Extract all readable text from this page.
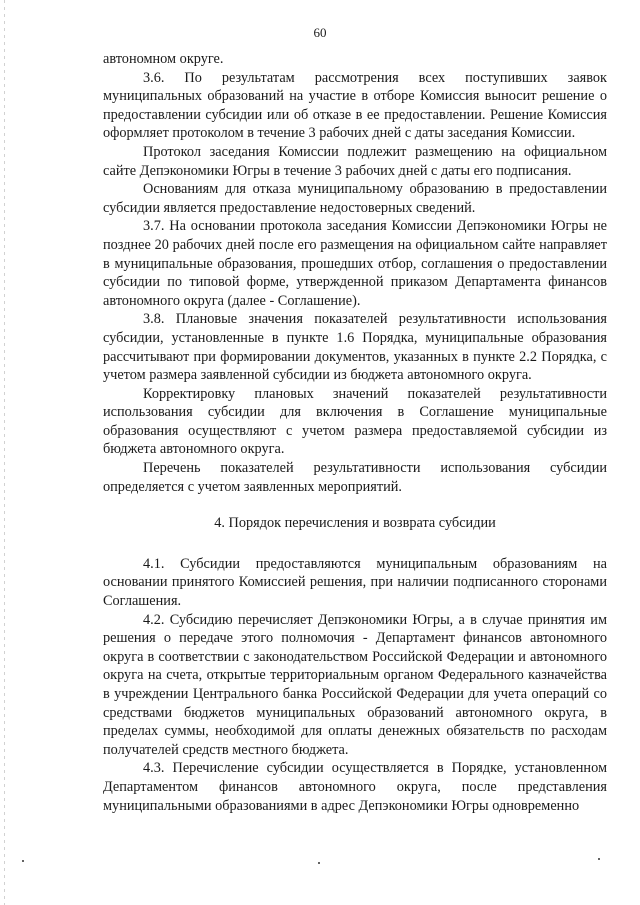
60

автономном округе.

3.6. По результатам рассмотрения всех поступивших заявок муниципальных образований на участие в отборе Комиссия выносит решение о предоставлении субсидии или об отказе в ее предоставлении. Решение Комиссия оформляет протоколом в течение 3 рабочих дней с даты заседания Комиссии.

Протокол заседания Комиссии подлежит размещению на официальном сайте Депэкономики Югры в течение 3 рабочих дней с даты его подписания.

Основаниям для отказа муниципальному образованию в предоставлении субсидии является предоставление недостоверных сведений.

3.7. На основании протокола заседания Комиссии Депэкономики Югры не позднее 20 рабочих дней после его размещения на официальном сайте направляет в муниципальные образования, прошедших отбор, соглашения о предоставлении субсидии по типовой форме, утвержденной приказом Департамента финансов автономного округа (далее - Соглашение).

3.8. Плановые значения показателей результативности использования субсидии, установленные в пункте 1.6 Порядка, муниципальные образования рассчитывают при формировании документов, указанных в пункте 2.2 Порядка, с учетом размера заявленной субсидии из бюджета автономного округа.

Корректировку плановых значений показателей результативности использования субсидии для включения в Соглашение муниципальные образования осуществляют с учетом размера предоставляемой субсидии из бюджета автономного округа.

Перечень показателей результативности использования субсидии определяется с учетом заявленных мероприятий.

4. Порядок перечисления и возврата субсидии

4.1. Субсидии предоставляются муниципальным образованиям на основании принятого Комиссией решения, при наличии подписанного сторонами Соглашения.

4.2. Субсидию перечисляет Депэкономики Югры, а в случае принятия им решения о передаче этого полномочия - Департамент финансов автономного округа в соответствии с законодательством Российской Федерации и автономного округа на счета, открытые территориальным органом Федерального казначейства в учреждении Центрального банка Российской Федерации для учета операций со средствами бюджетов муниципальных образований автономного округа, в пределах суммы, необходимой для оплаты денежных обязательств по расходам получателей средств местного бюджета.

4.3. Перечисление субсидии осуществляется в Порядке, установленном Департаментом финансов автономного округа, после представления муниципальными образованиями в адрес Депэкономики Югры одновременно
